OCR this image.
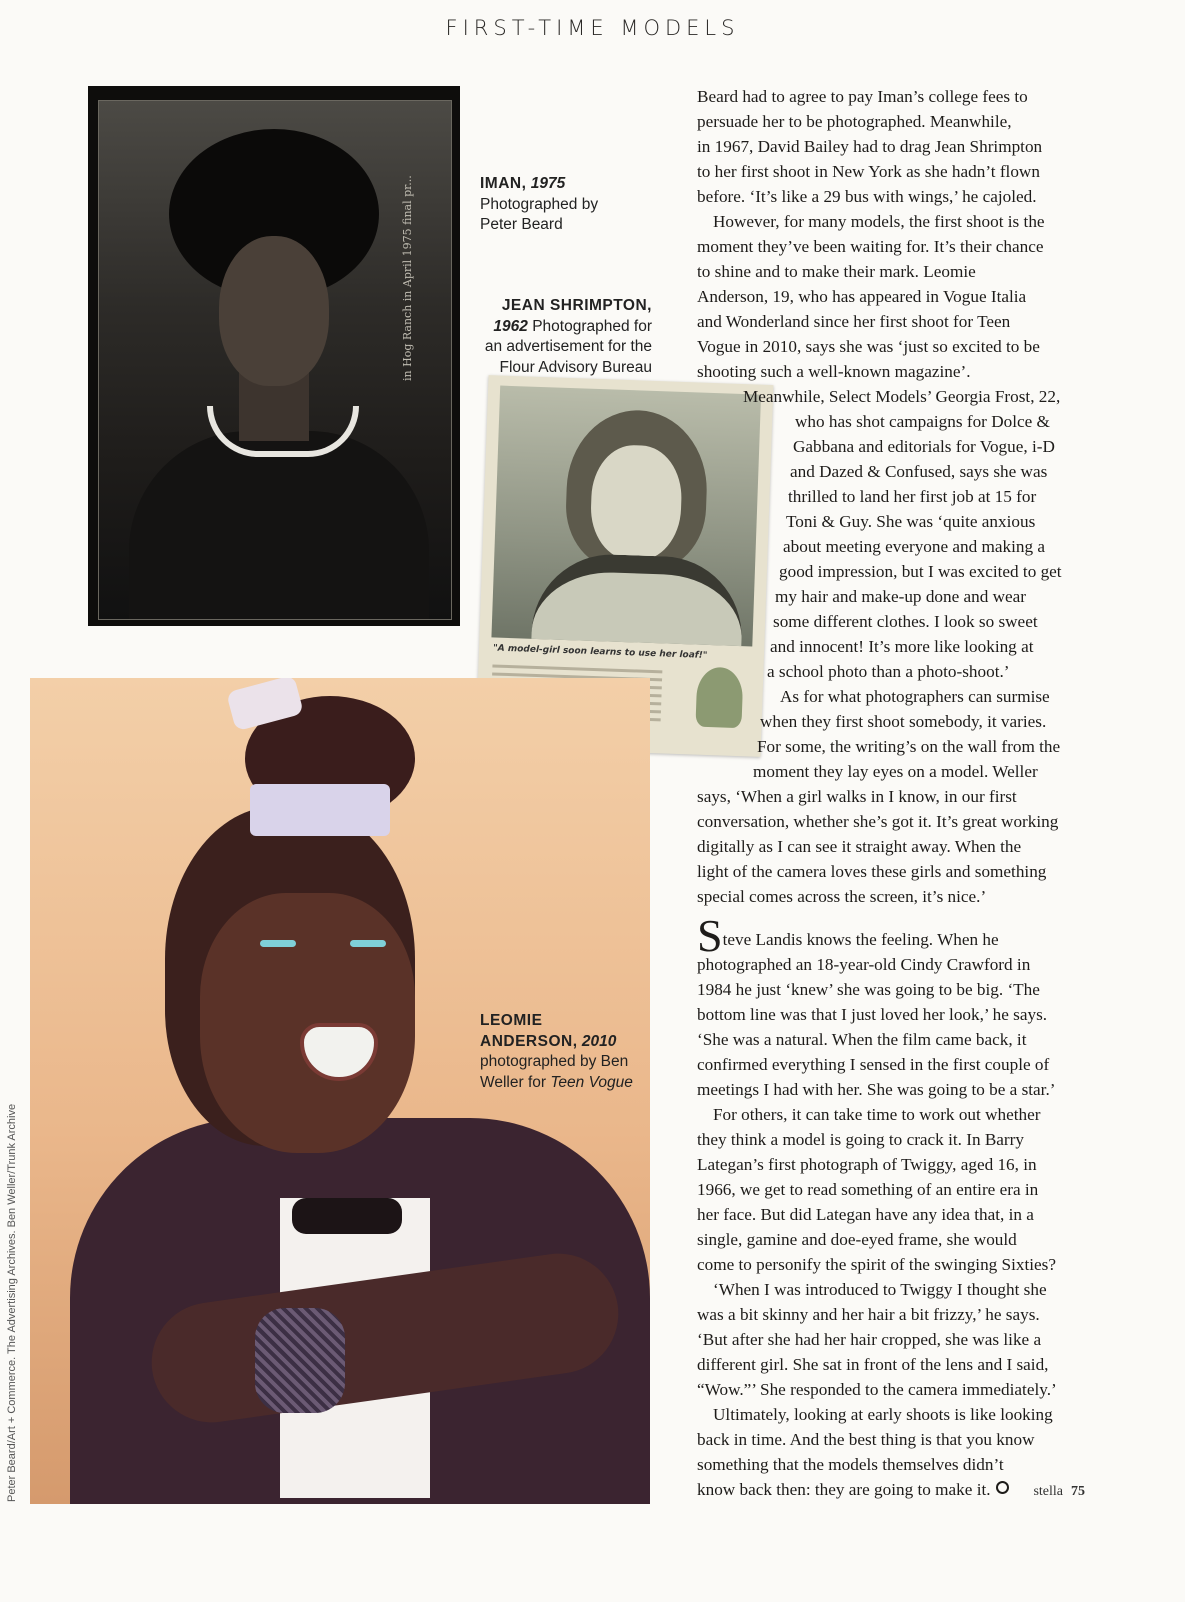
FIRST-TIME MODELS
in Hog Ranch in April 1975 final pr...	IMAN, 1975
Photographed by
Peter Beard
JEAN SHRIMPTON,
1962 Photographed for
an advertisement for the
Flour Advisory Bureau
"A model-girl soon learns to use her loaf!"
LEOMIE
ANDERSON, 2010
photographed by Ben
Weller for Teen Vogue
Beard had to agree to pay Iman’s college fees to
persuade her to be photographed. Meanwhile,
in 1967, David Bailey had to drag Jean Shrimpton
to her first shoot in New York as she hadn’t flown
before. ‘It’s like a 29 bus with wings,’ he cajoled.
However, for many models, the first shoot is the
moment they’ve been waiting for. It’s their chance
to shine and to make their mark. Leomie
Anderson, 19, who has appeared in Vogue Italia
and Wonderland since her first shoot for Teen
Vogue in 2010, says she was ‘just so excited to be
shooting such a well-known magazine’.
Meanwhile, Select Models’ Georgia Frost, 22,
who has shot campaigns for Dolce &
Gabbana and editorials for Vogue, i-D
and Dazed & Confused, says she was
thrilled to land her first job at 15 for
Toni & Guy. She was ‘quite anxious
about meeting everyone and making a
good impression, but I was excited to get
my hair and make-up done and wear
some different clothes. I look so sweet
and innocent! It’s more like looking at
a school photo than a photo-shoot.’
As for what photographers can surmise
when they first shoot somebody, it varies.
For some, the writing’s on the wall from the
moment they lay eyes on a model. Weller
says, ‘When a girl walks in I know, in our first
conversation, whether she’s got it. It’s great working
digitally as I can see it straight away. When the
light of the camera loves these girls and something
special comes across the screen, it’s nice.’
Steve Landis knows the feeling. When he
photographed an 18-year-old Cindy Crawford in
1984 he just ‘knew’ she was going to be big. ‘The
bottom line was that I just loved her look,’ he says.
‘She was a natural. When the film came back, it
confirmed everything I sensed in the first couple of
meetings I had with her. She was going to be a star.’
For others, it can take time to work out whether
they think a model is going to crack it. In Barry
Lategan’s first photograph of Twiggy, aged 16, in
1966, we get to read something of an entire era in
her face. But did Lategan have any idea that, in a
single, gamine and doe-eyed frame, she would
come to personify the spirit of the swinging Sixties?
‘When I was introduced to Twiggy I thought she
was a bit skinny and her hair a bit frizzy,’ he says.
‘But after she had her hair cropped, she was like a
different girl. She sat in front of the lens and I said,
“Wow.”’ She responded to the camera immediately.’
Ultimately, looking at early shoots is like looking
back in time. And the best thing is that you know
something that the models themselves didn’t
know back then: they are going to make it.
Peter Beard/Art + Commerce. The Advertising Archives. Ben Weller/Trunk Archive	stella 75
